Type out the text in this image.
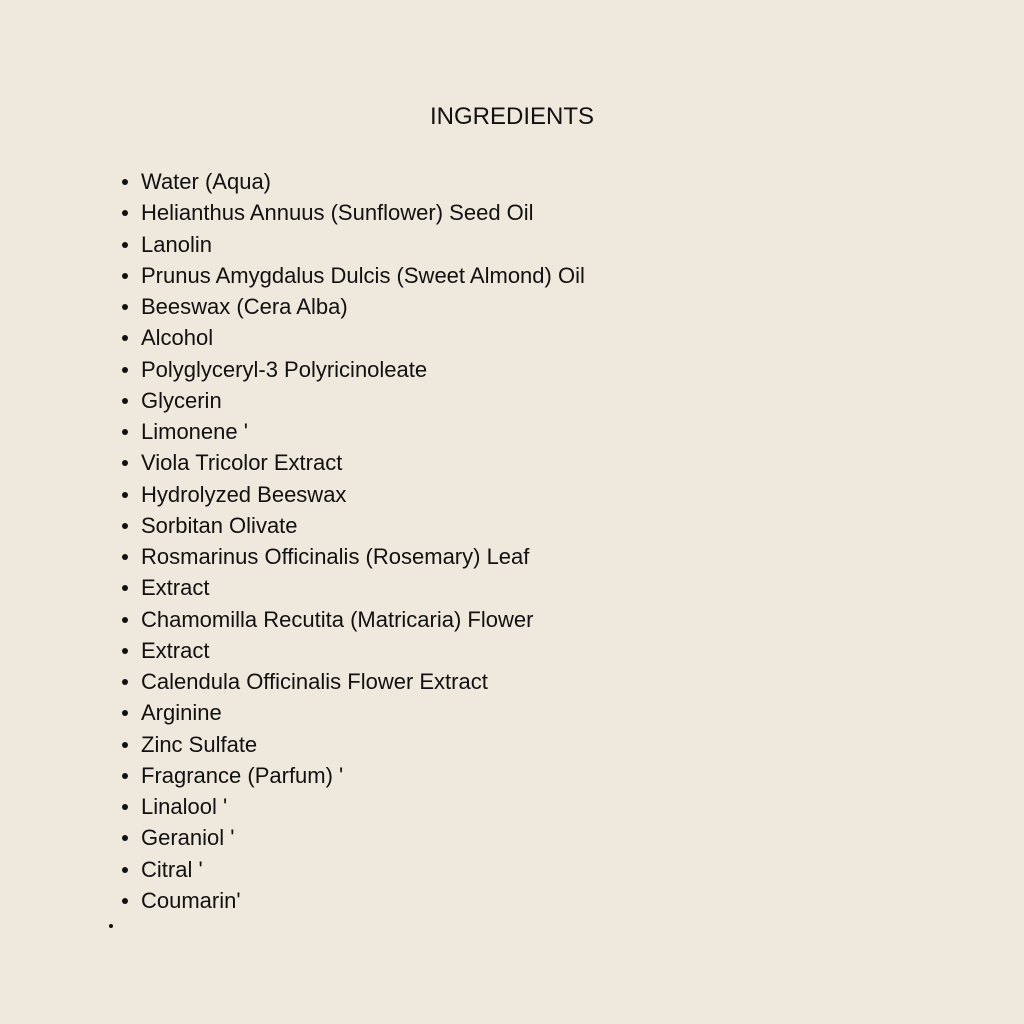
INGREDIENTS
Water (Aqua)
Helianthus Annuus (Sunflower) Seed Oil
Lanolin
Prunus Amygdalus Dulcis (Sweet Almond) Oil
Beeswax (Cera Alba)
Alcohol
Polyglyceryl-3 Polyricinoleate
Glycerin
Limonene '
Viola Tricolor Extract
Hydrolyzed Beeswax
Sorbitan Olivate
Rosmarinus Officinalis (Rosemary) Leaf
Extract
Chamomilla Recutita (Matricaria) Flower
Extract
Calendula Officinalis Flower Extract
Arginine
Zinc Sulfate
Fragrance (Parfum) '
Linalool '
Geraniol '
Citral '
Coumarin'
